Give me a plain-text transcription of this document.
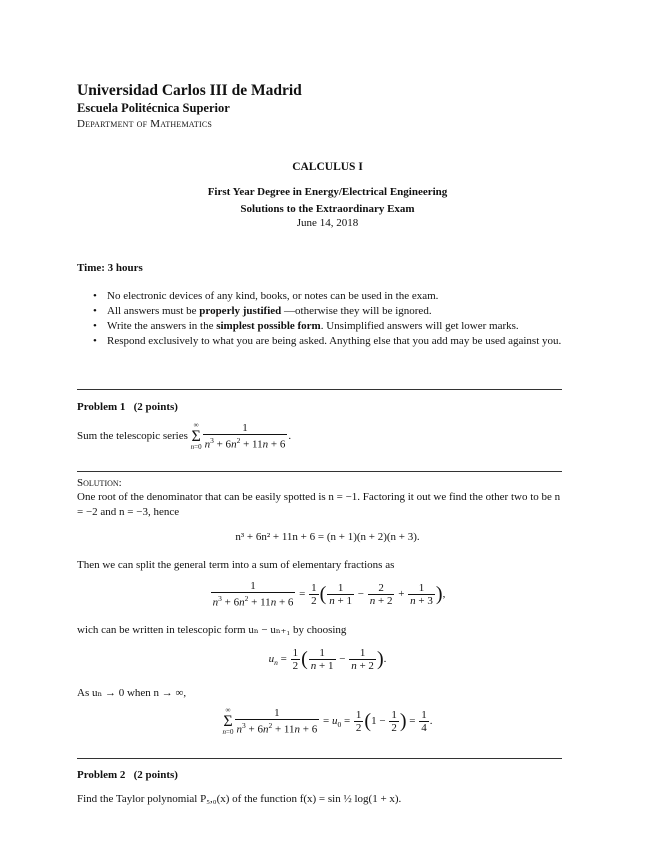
Universidad Carlos III de Madrid
Escuela Politécnica Superior
Department of Mathematics
CALCULUS I
First Year Degree in Energy/Electrical Engineering
Solutions to the Extraordinary Exam
June 14, 2018
Time: 3 hours
• No electronic devices of any kind, books, or notes can be used in the exam.
• All answers must be properly justified —otherwise they will be ignored.
• Write the answers in the simplest possible form. Unsimplified answers will get lower marks.
• Respond exclusively to what you are being asked. Anything else that you add may be used against you.
Problem 1 (2 points)
Sum the telescopic series ∞
Σ
$n=0 \frac{1}{n^3 + 6n^2 + 11n + 6}$ .
Solution:
One root of the denominator that can be easily spotted is n = −1. Factoring it out we find the other two to be n = −2 and n = −3, hence
n³ + 6n² + 11n + 6 = (n + 1)(n + 2)(n + 3).
Then we can split the general term into a sum of elementary fractions as
$\frac{1}{n^3 + 6n^2 + 11n + 6} = \frac{1}{2}$ ( $\frac{1}{n + 1} - \frac{2}{n + 2} + \frac{1}{n + 3}$ ),
wich can be written in telescopic form uₙ − uₙ₊₁ by choosing
$u_n = \frac{1}{2}$ ( $\frac{1}{n + 1} - \frac{1}{n + 2}$ ).
As uₙ → 0 when n → ∞,
∞
Σ
$n=0 \frac{1}{n^3 + 6n^2 + 11n + 6} = u_0 = \frac{1}{2} (1 - \frac{1}{2}$ ) = $\frac{1}{4}$ .
Problem 2 (2 points)
Find the Taylor polynomial P₅,₀(x) of the function f(x) = sin ½ log(1 + x).
